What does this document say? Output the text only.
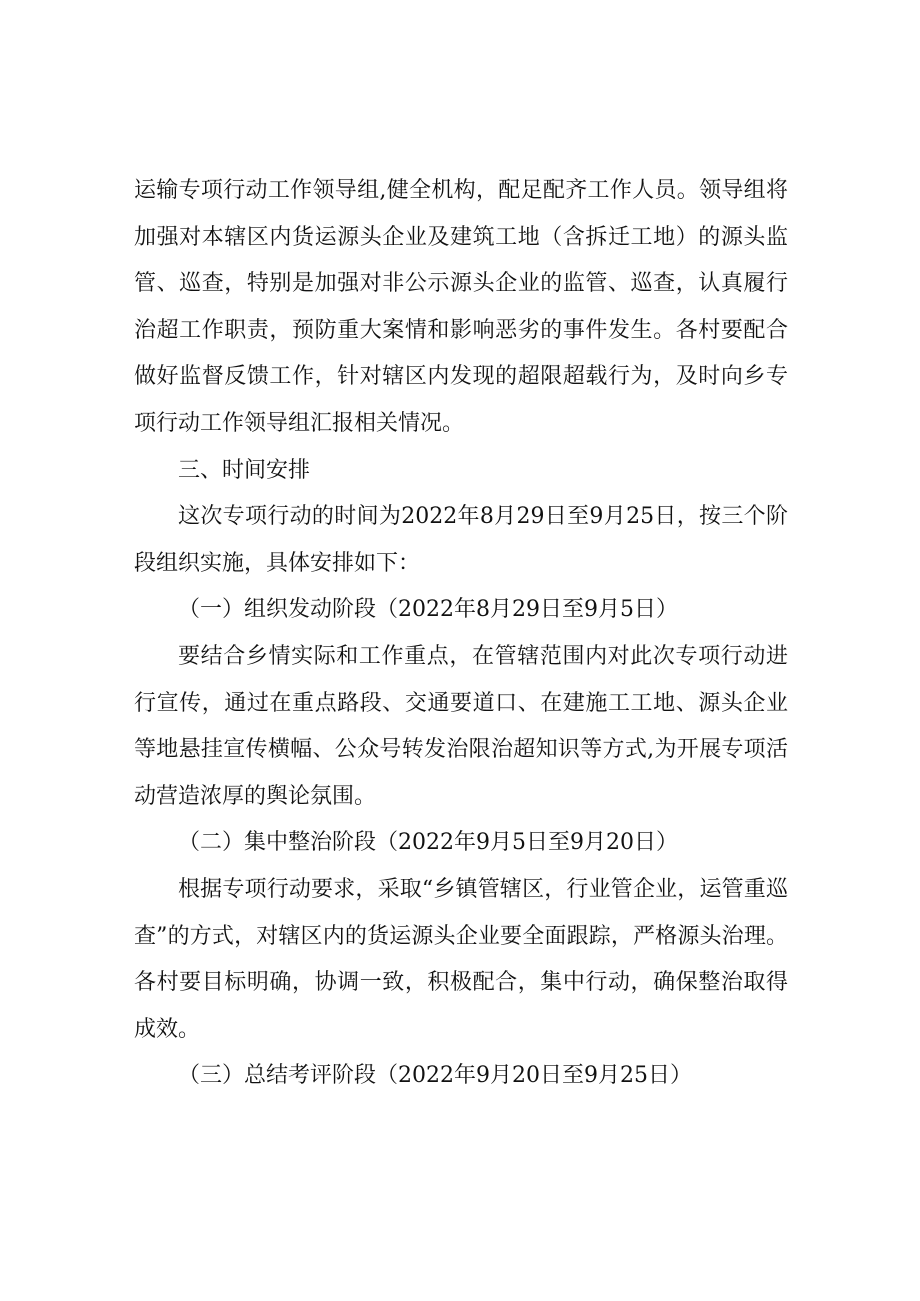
运输专项行动工作领导组,健全机构，配足配齐工作人员。领导组将加强对本辖区内货运源头企业及建筑工地（含拆迁工地）的源头监管、巡查，特别是加强对非公示源头企业的监管、巡查，认真履行治超工作职责，预防重大案情和影响恶劣的事件发生。各村要配合做好监督反馈工作，针对辖区内发现的超限超载行为，及时向乡专项行动工作领导组汇报相关情况。

三、时间安排

这次专项行动的时间为2022年8月29日至9月25日，按三个阶段组织实施，具体安排如下：

（一）组织发动阶段（2022年8月29日至9月5日）

要结合乡情实际和工作重点，在管辖范围内对此次专项行动进行宣传，通过在重点路段、交通要道口、在建施工工地、源头企业等地悬挂宣传横幅、公众号转发治限治超知识等方式,为开展专项活动营造浓厚的舆论氛围。

（二）集中整治阶段（2022年9月5日至9月20日）

根据专项行动要求，采取“乡镇管辖区，行业管企业，运管重巡查”的方式，对辖区内的货运源头企业要全面跟踪，严格源头治理。各村要目标明确，协调一致，积极配合，集中行动，确保整治取得成效。

（三）总结考评阶段（2022年9月20日至9月25日）
